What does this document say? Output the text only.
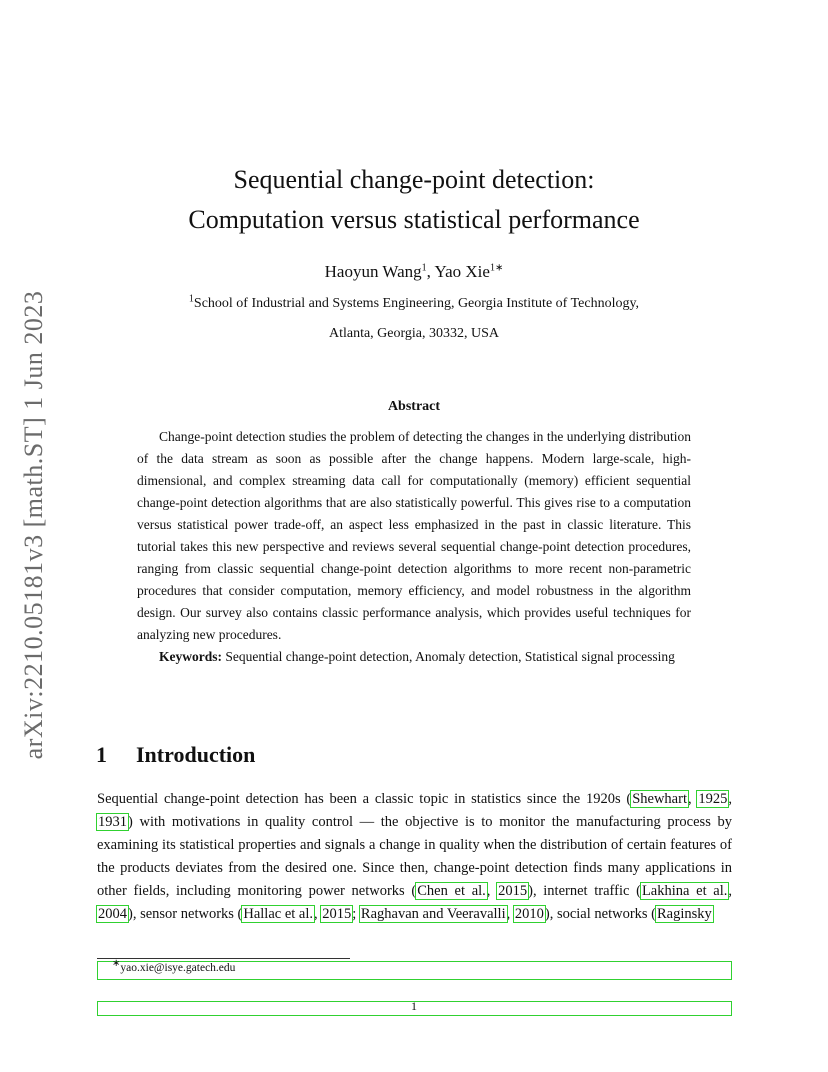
arXiv:2210.05181v3 [math.ST] 1 Jun 2023
Sequential change-point detection:
Computation versus statistical performance
Haoyun Wang$^1$, Yao Xie$^{1∗}$
$^1$School of Industrial and Systems Engineering, Georgia Institute of Technology,
Atlanta, Georgia, 30332, USA
Abstract

Change-point detection studies the problem of detecting the changes in the underlying distribution of the data stream as soon as possible after the change happens. Modern large-scale, high-dimensional, and complex streaming data call for computationally (memory) efficient sequential change-point detection algorithms that are also statistically powerful. This gives rise to a computation versus statistical power trade-off, an aspect less emphasized in the past in classic literature. This tutorial takes this new perspective and reviews several sequential change-point detection procedures, ranging from classic sequential change-point detection algorithms to more recent non-parametric procedures that consider computation, memory efficiency, and model robustness in the algorithm design. Our survey also contains classic performance analysis, which provides useful techniques for analyzing new procedures.

Keywords: Sequential change-point detection, Anomaly detection, Statistical signal processing

1 Introduction

Sequential change-point detection has been a classic topic in statistics since the 1920s (Shewhart, 1925, 1931) with motivations in quality control — the objective is to monitor the manufacturing process by examining its statistical properties and signals a change in quality when the distribution of certain features of the products deviates from the desired one. Since then, change-point detection finds many applications in other fields, including monitoring power networks (Chen et al., 2015), internet traffic (Lakhina et al., 2004), sensor networks (Hallac et al., 2015; Raghavan and Veeravalli, 2010), social networks (Raginsky

∗yao.xie@isye.gatech.edu
1
